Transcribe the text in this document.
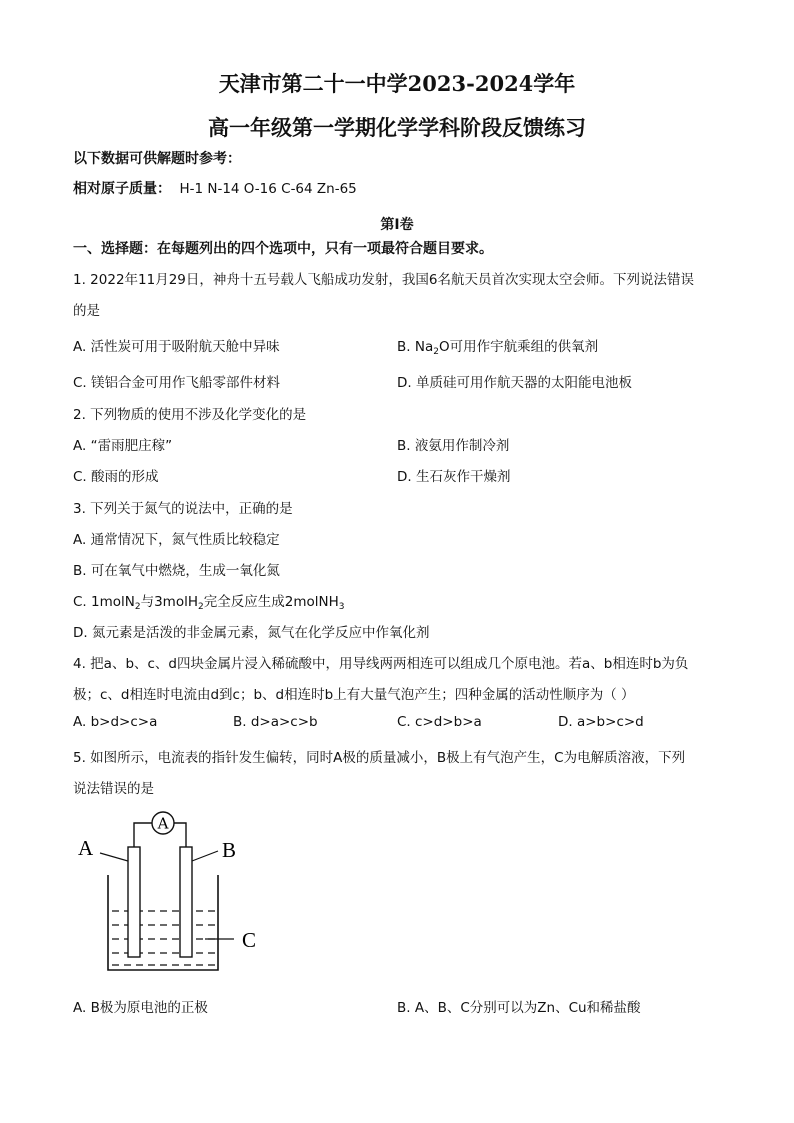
天津市第二十一中学2023-2024学年
高一年级第一学期化学学科阶段反馈练习
以下数据可供解题时参考：
相对原子质量： H-1 N-14 O-16 C-64 Zn-65
第I卷
一、选择题：在每题列出的四个选项中，只有一项最符合题目要求。
1. 2022年11月29日，神舟十五号载人飞船成功发射，我国6名航天员首次实现太空会师。下列说法错误
的是
A. 活性炭可用于吸附航天舱中异味	B. $Na_2O$可用作宇航乘组的供氧剂
C. 镁铝合金可用作飞船零部件材料	D. 单质硅可用作航天器的太阳能电池板
2. 下列物质的使用不涉及化学变化的是
A. “雷雨肥庄稼”	B. 液氨用作制冷剂
C. 酸雨的形成	D. 生石灰作干燥剂
3. 下列关于氮气的说法中，正确的是
A. 通常情况下，氮气性质比较稳定
B. 可在氧气中燃烧，生成一氧化氮
C. 1molN$_2$与3molH$_2$完全反应生成2molNH$_3$
D. 氮元素是活泼的非金属元素，氮气在化学反应中作氧化剂
4. 把a、b、c、d四块金属片浸入稀硫酸中，用导线两两相连可以组成几个原电池。若a、b相连时b为负
极；c、d相连时电流由d到c；b、d相连时b上有大量气泡产生；四种金属的活动性顺序为（ ）
A. b>d>c>a	B. d>a>c>b	C. c>d>b>a	D. a>b>c>d
5. 如图所示，电流表的指针发生偏转，同时A极的质量减小，B极上有气泡产生，C为电解质溶液，下列
说法错误的是
A
A	B
C
A. B极为原电池的正极	B. A、B、C分别可以为Zn、Cu和稀盐酸
